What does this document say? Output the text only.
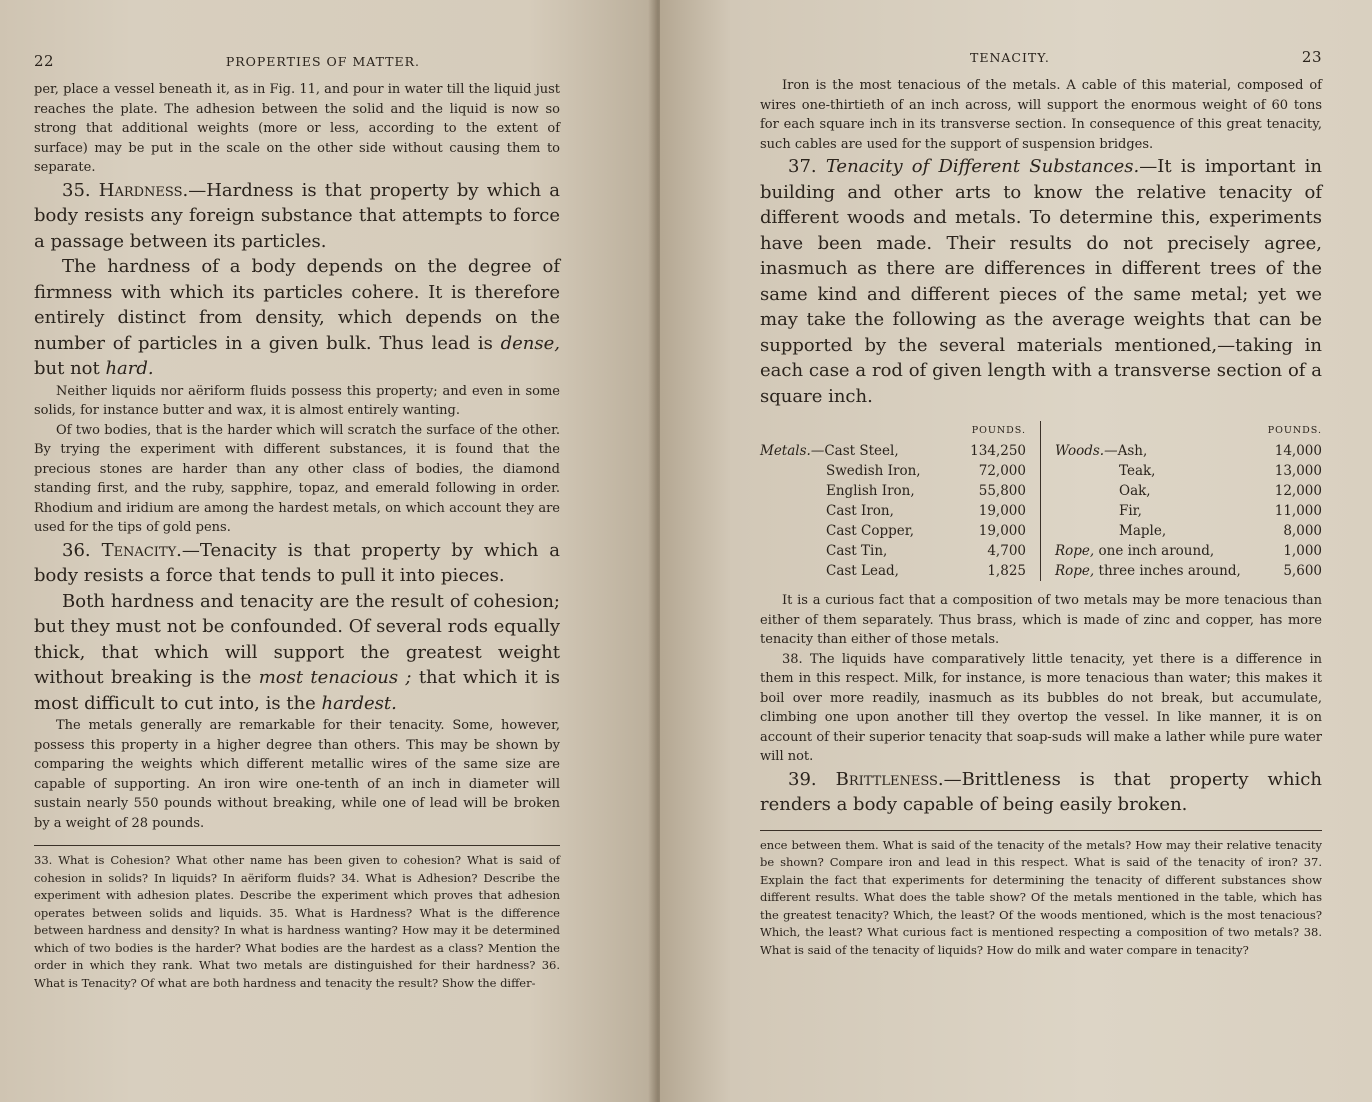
22	PROPERTIES OF MATTER.

per, place a vessel beneath it, as in Fig. 11, and pour in water till the liquid just reaches the plate. The adhesion between the solid and the liquid is now so strong that additional weights (more or less, according to the extent of surface) may be put in the scale on the other side without causing them to separate.

35. Hardness.—Hardness is that property by which a body resists any foreign substance that attempts to force a passage between its particles.

The hardness of a body depends on the degree of firmness with which its particles cohere. It is therefore entirely distinct from density, which depends on the number of particles in a given bulk. Thus lead is dense, but not hard.

Neither liquids nor aëriform fluids possess this property; and even in some solids, for instance butter and wax, it is almost entirely wanting.

Of two bodies, that is the harder which will scratch the surface of the other. By trying the experiment with different substances, it is found that the precious stones are harder than any other class of bodies, the diamond standing first, and the ruby, sapphire, topaz, and emerald following in order. Rhodium and iridium are among the hardest metals, on which account they are used for the tips of gold pens.

36. Tenacity.—Tenacity is that property by which a body resists a force that tends to pull it into pieces.

Both hardness and tenacity are the result of cohesion; but they must not be confounded. Of several rods equally thick, that which will support the greatest weight without breaking is the most tenacious ; that which it is most difficult to cut into, is the hardest.

The metals generally are remarkable for their tenacity. Some, however, possess this property in a higher degree than others. This may be shown by comparing the weights which different metallic wires of the same size are capable of supporting. An iron wire one-tenth of an inch in diameter will sustain nearly 550 pounds without breaking, while one of lead will be broken by a weight of 28 pounds.

33. What is Cohesion? What other name has been given to cohesion? What is said of cohesion in solids? In liquids? In aëriform fluids? 34. What is Adhesion? Describe the experiment with adhesion plates. Describe the experiment which proves that adhesion operates between solids and liquids. 35. What is Hardness? What is the difference between hardness and density? In what is hardness wanting? How may it be determined which of two bodies is the harder? What bodies are the hardest as a class? Mention the order in which they rank. What two metals are distinguished for their hardness? 36. What is Tenacity? Of what are both hardness and tenacity the result? Show the differ-

TENACITY.	23

Iron is the most tenacious of the metals. A cable of this material, composed of wires one-thirtieth of an inch across, will support the enormous weight of 60 tons for each square inch in its transverse section. In consequence of this great tenacity, such cables are used for the support of suspension bridges.

37. Tenacity of Different Substances.—It is important in building and other arts to know the relative tenacity of different woods and metals. To determine this, experiments have been made. Their results do not precisely agree, inasmuch as there are differences in different trees of the same kind and different pieces of the same metal; yet we may take the following as the average weights that can be supported by the several materials mentioned,—taking in each case a rod of given length with a transverse section of a square inch.

POUNDS.
Metals.—Cast Steel,	134,250
Swedish Iron,	72,000
English Iron,	55,800
Cast Iron,	19,000
Cast Copper,	19,000
Cast Tin,	4,700
Cast Lead,	1,825
POUNDS.
Woods.—Ash,	14,000
Teak,	13,000
Oak,	12,000
Fir,	11,000
Maple,	8,000
Rope, one inch around,	1,000
Rope, three inches around,	5,600

It is a curious fact that a composition of two metals may be more tenacious than either of them separately. Thus brass, which is made of zinc and copper, has more tenacity than either of those metals.

38. The liquids have comparatively little tenacity, yet there is a difference in them in this respect. Milk, for instance, is more tenacious than water; this makes it boil over more readily, inasmuch as its bubbles do not break, but accumulate, climbing one upon another till they overtop the vessel. In like manner, it is on account of their superior tenacity that soap-suds will make a lather while pure water will not.

39. Brittleness.—Brittleness is that property which renders a body capable of being easily broken.

ence between them. What is said of the tenacity of the metals? How may their relative tenacity be shown? Compare iron and lead in this respect. What is said of the tenacity of iron? 37. Explain the fact that experiments for determining the tenacity of different substances show different results. What does the table show? Of the metals mentioned in the table, which has the greatest tenacity? Which, the least? Of the woods mentioned, which is the most tenacious? Which, the least? What curious fact is mentioned respecting a composition of two metals? 38. What is said of the tenacity of liquids? How do milk and water compare in tenacity?
